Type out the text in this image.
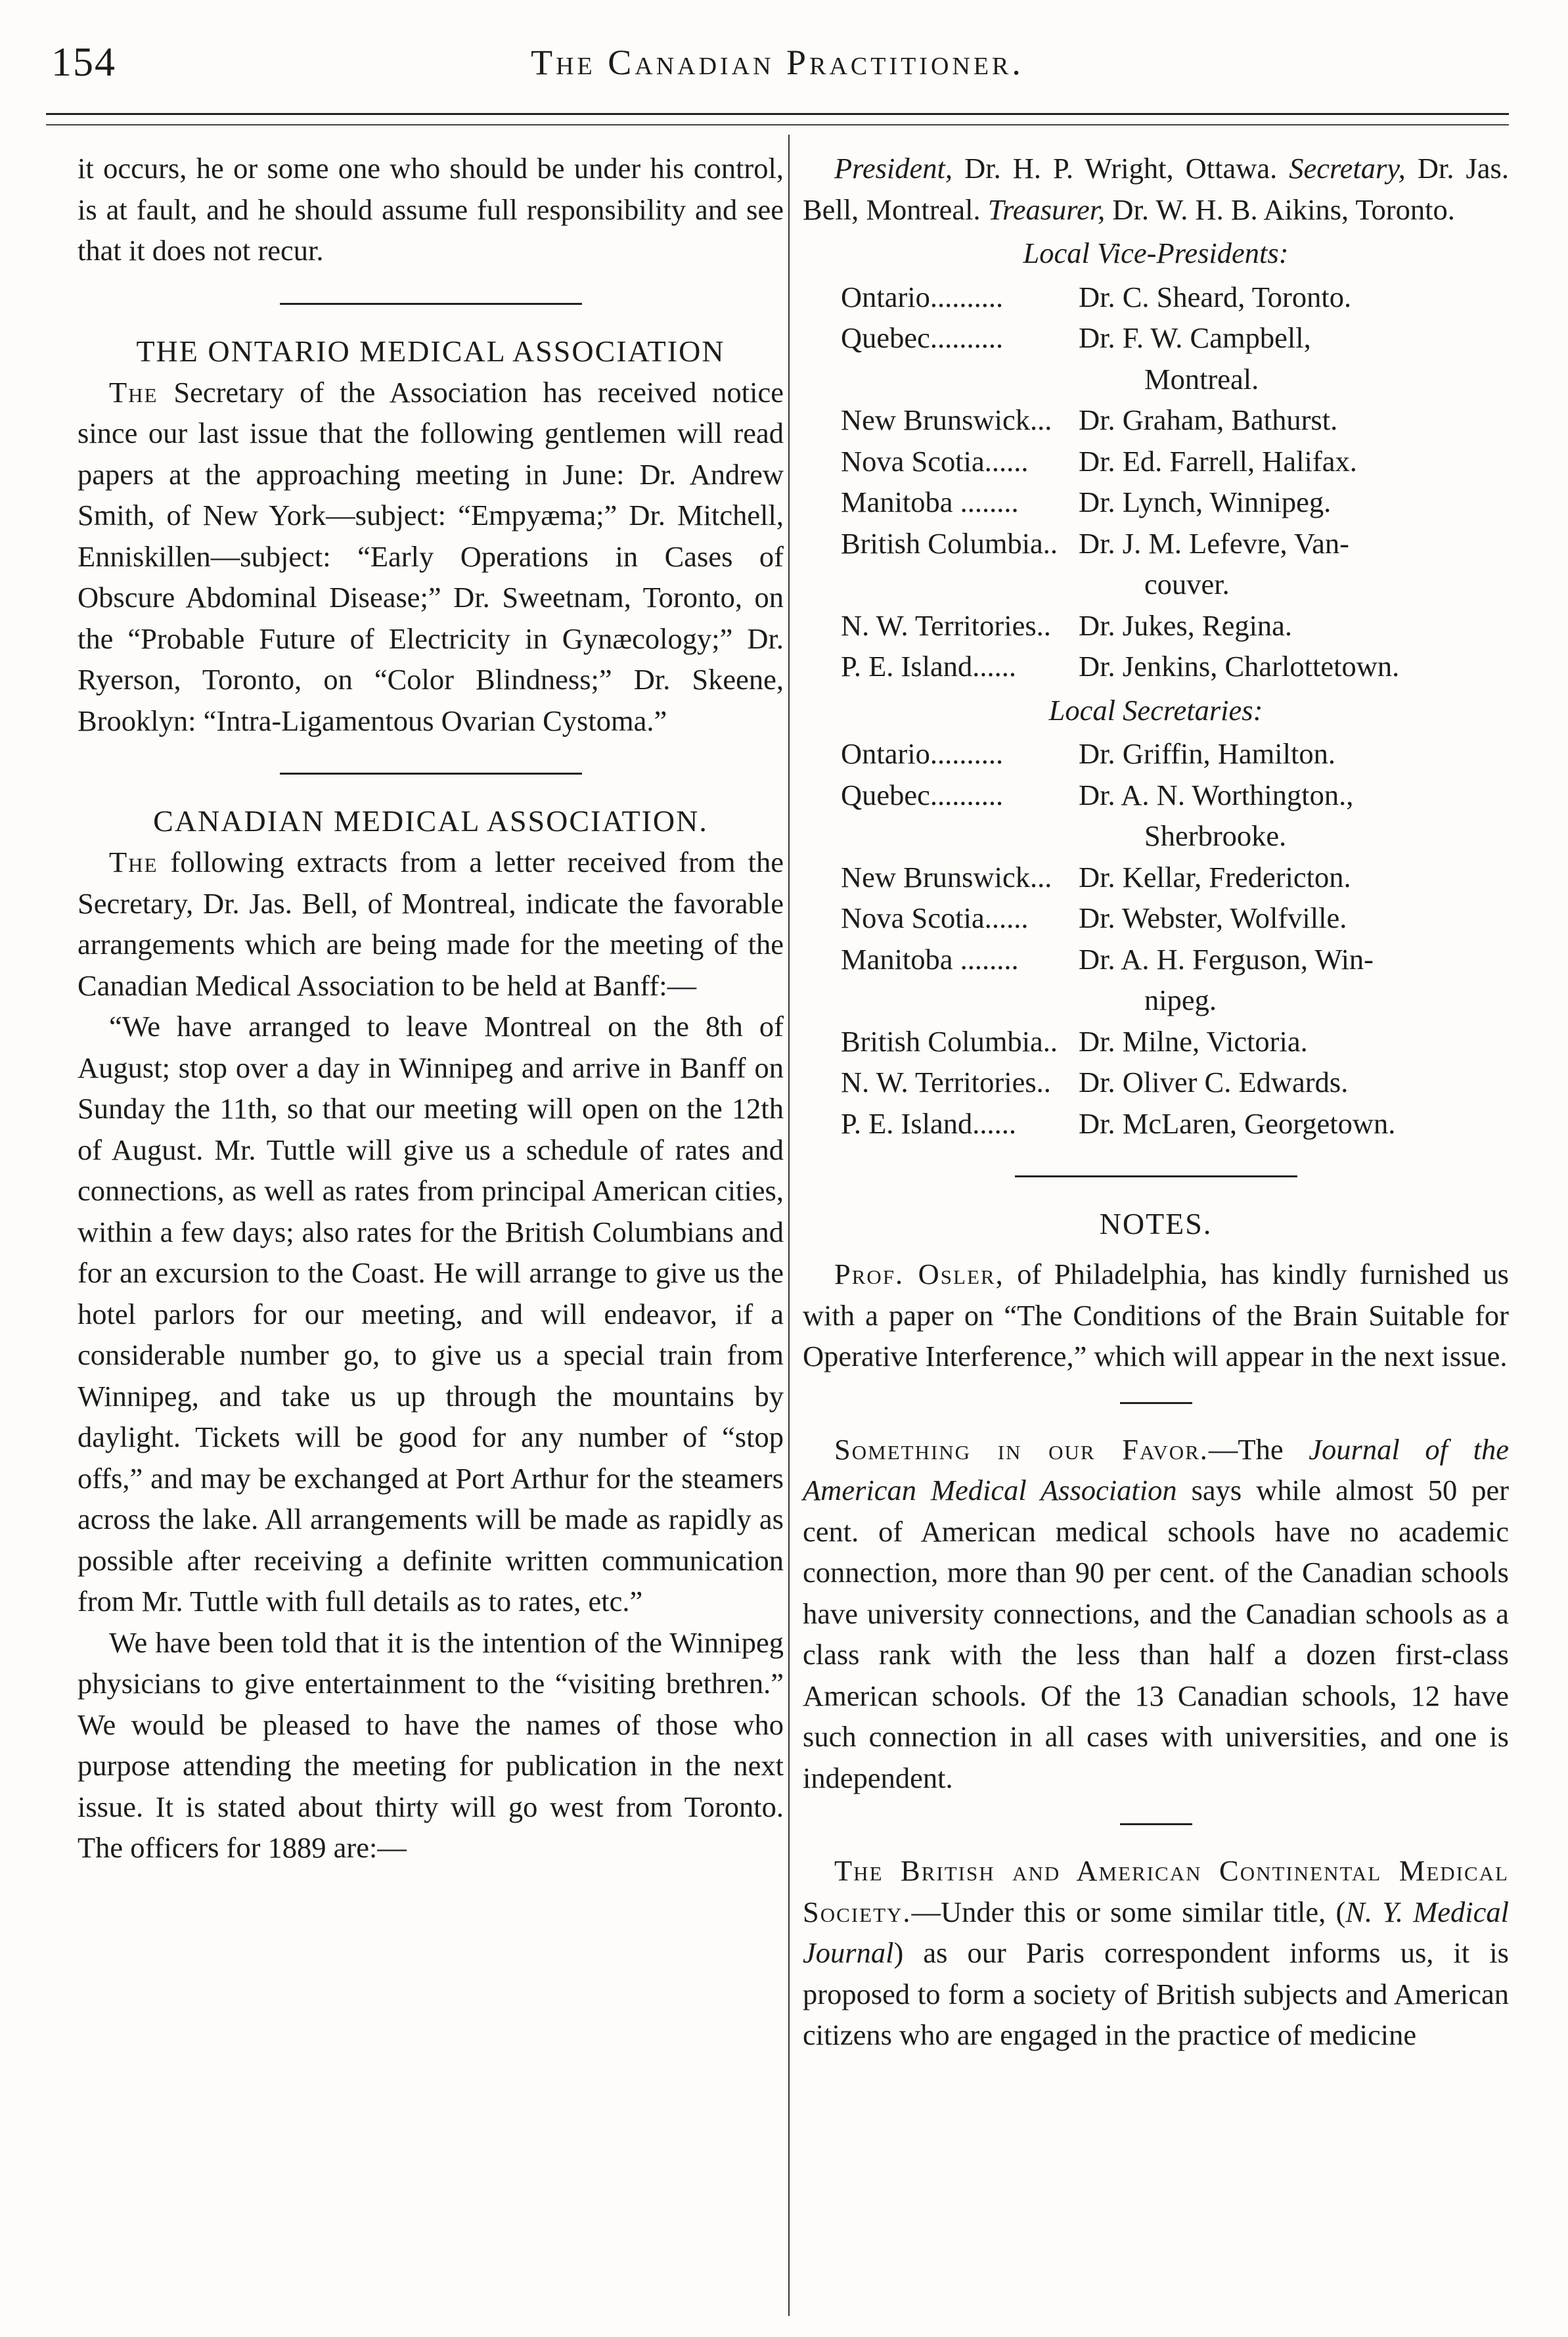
154	The Canadian Practitioner.

it occurs, he or some one who should be under his control, is at fault, and he should assume full responsibility and see that it does not recur.

THE ONTARIO MEDICAL ASSOCIATION

The Secretary of the Association has received notice since our last issue that the following gentlemen will read papers at the approaching meeting in June: Dr. Andrew Smith, of New York—subject: “Empyæma;” Dr. Mitchell, Enniskillen—subject: “Early Operations in Cases of Obscure Abdominal Disease;” Dr. Sweetnam, Toronto, on the “Probable Future of Electricity in Gynæcology;” Dr. Ryerson, Toronto, on “Color Blindness;” Dr. Skeene, Brooklyn: “Intra-Ligamentous Ovarian Cystoma.”

CANADIAN MEDICAL ASSOCIATION.

The following extracts from a letter received from the Secretary, Dr. Jas. Bell, of Montreal, indicate the favorable arrangements which are being made for the meeting of the Canadian Medical Association to be held at Banff:—

“We have arranged to leave Montreal on the 8th of August; stop over a day in Winnipeg and arrive in Banff on Sunday the 11th, so that our meeting will open on the 12th of August. Mr. Tuttle will give us a schedule of rates and connections, as well as rates from principal American cities, within a few days; also rates for the British Columbians and for an excursion to the Coast. He will arrange to give us the hotel parlors for our meeting, and will endeavor, if a considerable number go, to give us a special train from Winnipeg, and take us up through the mountains by daylight. Tickets will be good for any number of “stop offs,” and may be exchanged at Port Arthur for the steamers across the lake. All arrangements will be made as rapidly as possible after receiving a definite written communication from Mr. Tuttle with full details as to rates, etc.”

We have been told that it is the intention of the Winnipeg physicians to give entertainment to the “visiting brethren.” We would be pleased to have the names of those who purpose attending the meeting for publication in the next issue. It is stated about thirty will go west from Toronto. The officers for 1889 are:—

President, Dr. H. P. Wright, Ottawa. Secretary, Dr. Jas. Bell, Montreal. Treasurer, Dr. W. H. B. Aikins, Toronto.

Local Vice-Presidents:

Ontario..........	Dr. C. Sheard, Toronto.
Quebec..........	Dr. F. W. Campbell,
Montreal.
New Brunswick... Dr. Graham, Bathurst.
Nova Scotia......	Dr. Ed. Farrell, Halifax.
Manitoba ........	Dr. Lynch, Winnipeg.
British Columbia.. Dr. J. M. Lefevre, Van-
couver.
N. W. Territories.. Dr. Jukes, Regina.
P. E. Island......	Dr. Jenkins, Charlottetown.

Local Secretaries:

Ontario..........	Dr. Griffin, Hamilton.
Quebec..........	Dr. A. N. Worthington.,
Sherbrooke.
New Brunswick... Dr. Kellar, Fredericton.
Nova Scotia......	Dr. Webster, Wolfville.
Manitoba ........	Dr. A. H. Ferguson, Win-
nipeg.
British Columbia.. Dr. Milne, Victoria.
N. W. Territories.. Dr. Oliver C. Edwards.
P. E. Island......	Dr. McLaren, Georgetown.
NOTES.

Prof. Osler, of Philadelphia, has kindly furnished us with a paper on “The Conditions of the Brain Suitable for Operative Interference,” which will appear in the next issue.

Something in our Favor.—The Journal of the American Medical Association says while almost 50 per cent. of American medical schools have no academic connection, more than 90 per cent. of the Canadian schools have university connections, and the Canadian schools as a class rank with the less than half a dozen first-class American schools. Of the 13 Canadian schools, 12 have such connection in all cases with universities, and one is independent.

The British and American Continental Medical Society.—Under this or some similar title, (N. Y. Medical Journal) as our Paris correspondent informs us, it is proposed to form a society of British subjects and American citizens who are engaged in the practice of medicine
